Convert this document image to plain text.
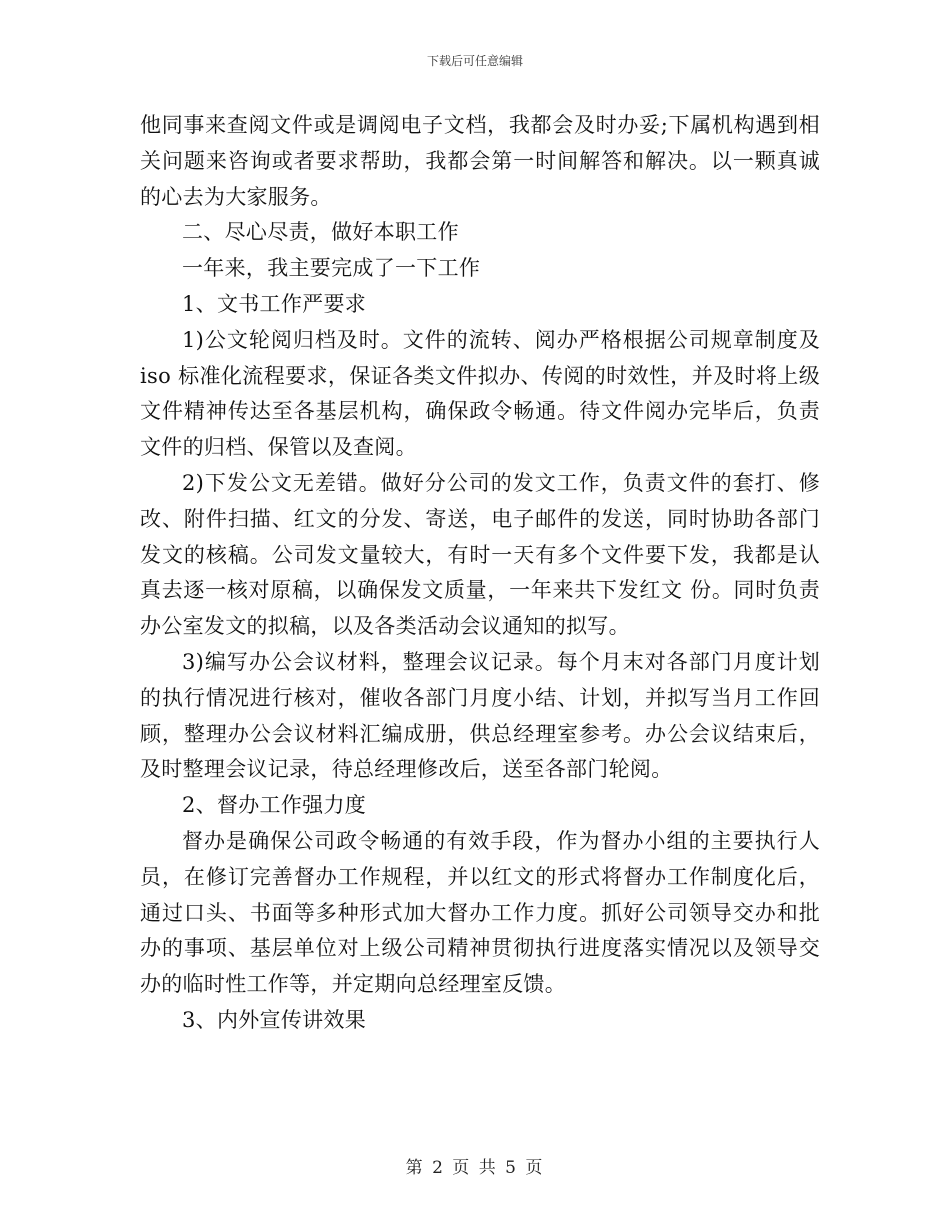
下载后可任意编辑

他同事来查阅文件或是调阅电子文档，我都会及时办妥;下属机构遇到相关问题来咨询或者要求帮助，我都会第一时间解答和解决。以一颗真诚的心去为大家服务。

二、尽心尽责，做好本职工作

一年来，我主要完成了一下工作

1、文书工作严要求

1)公文轮阅归档及时。文件的流转、阅办严格根据公司规章制度及 iso 标准化流程要求，保证各类文件拟办、传阅的时效性，并及时将上级文件精神传达至各基层机构，确保政令畅通。待文件阅办完毕后，负责文件的归档、保管以及查阅。

2)下发公文无差错。做好分公司的发文工作，负责文件的套打、修改、附件扫描、红文的分发、寄送，电子邮件的发送，同时协助各部门发文的核稿。公司发文量较大，有时一天有多个文件要下发，我都是认真去逐一核对原稿，以确保发文质量，一年来共下发红文 份。同时负责办公室发文的拟稿，以及各类活动会议通知的拟写。

3)编写办公会议材料，整理会议记录。每个月末对各部门月度计划的执行情况进行核对，催收各部门月度小结、计划，并拟写当月工作回顾，整理办公会议材料汇编成册，供总经理室参考。办公会议结束后，及时整理会议记录，待总经理修改后，送至各部门轮阅。

2、督办工作强力度

督办是确保公司政令畅通的有效手段，作为督办小组的主要执行人员，在修订完善督办工作规程，并以红文的形式将督办工作制度化后，通过口头、书面等多种形式加大督办工作力度。抓好公司领导交办和批办的事项、基层单位对上级公司精神贯彻执行进度落实情况以及领导交办的临时性工作等，并定期向总经理室反馈。

3、内外宣传讲效果

第 2 页 共 5 页
